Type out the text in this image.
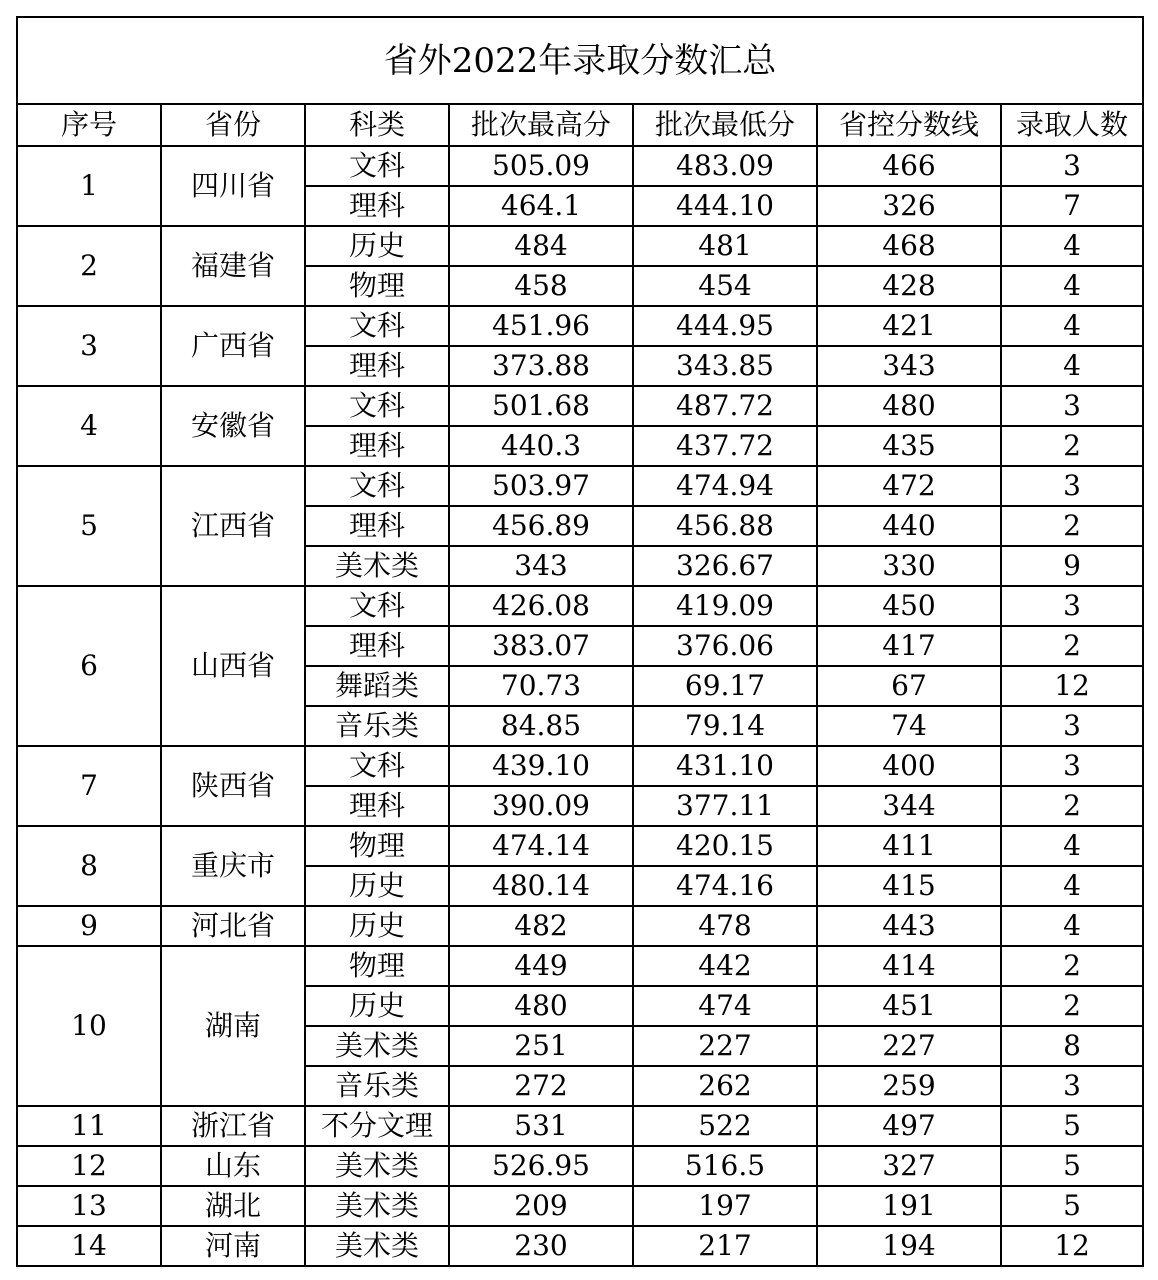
省外2022年录取分数汇总						
序号	省份	科类	批次最高分	批次最低分	省控分数线	录取人数
1	四川省	文科	505.09	483.09	466	3
		理科	464.1	444.10	326	7
2	福建省	历史	484	481	468	4
		物理	458	454	428	4
3	广西省	文科	451.96	444.95	421	4
		理科	373.88	343.85	343	4
4	安徽省	文科	501.68	487.72	480	3
		理科	440.3	437.72	435	2
5	江西省	文科	503.97	474.94	472	3
		理科	456.89	456.88	440	2
		美术类	343	326.67	330	9
6	山西省	文科	426.08	419.09	450	3
		理科	383.07	376.06	417	2
		舞蹈类	70.73	69.17	67	12
		音乐类	84.85	79.14	74	3
7	陕西省	文科	439.10	431.10	400	3
		理科	390.09	377.11	344	2
8	重庆市	物理	474.14	420.15	411	4
		历史	480.14	474.16	415	4
9	河北省	历史	482	478	443	4
10	湖南	物理	449	442	414	2
		历史	480	474	451	2
		美术类	251	227	227	8
		音乐类	272	262	259	3
11	浙江省	不分文理	531	522	497	5
12	山东	美术类	526.95	516.5	327	5
13	湖北	美术类	209	197	191	5
14	河南	美术类	230	217	194	12
